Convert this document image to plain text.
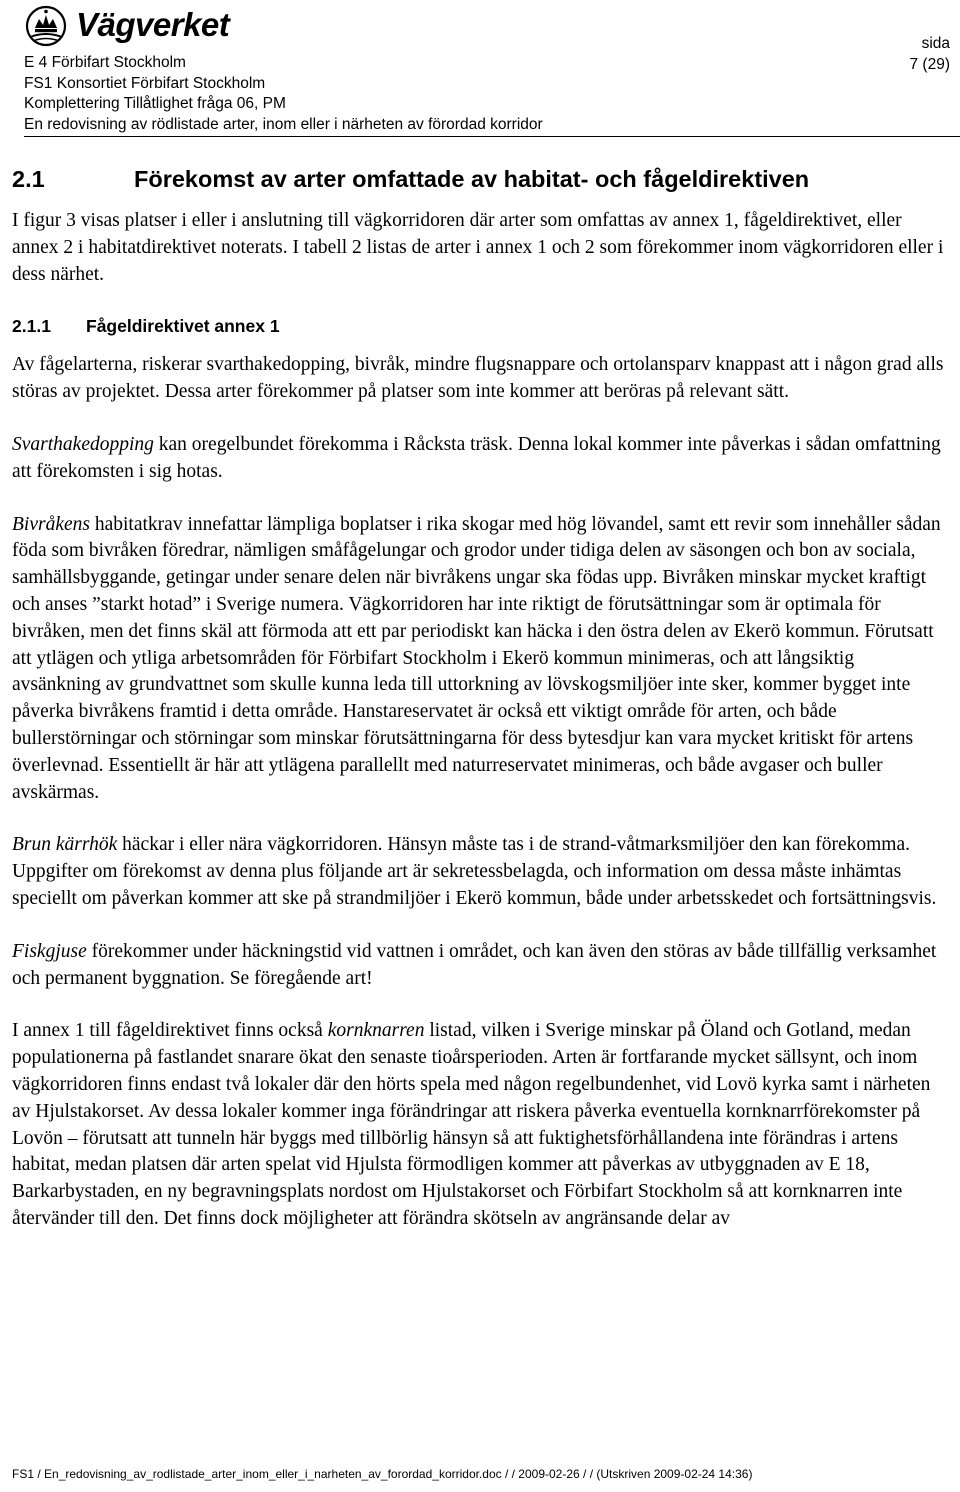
Vägverket
E 4 Förbifart Stockholm
FS1 Konsortiet Förbifart Stockholm
Komplettering Tillåtlighet fråga 06, PM
En redovisning av rödlistade arter, inom eller i närheten av förordad korridor
sida
7 (29)
2.1	Förekomst av arter omfattade av habitat- och fågeldirektiven

I figur 3 visas platser i eller i anslutning till vägkorridoren där arter som omfattas av annex 1, fågeldirektivet, eller annex 2 i habitatdirektivet noterats. I tabell 2 listas de arter i annex 1 och 2 som förekommer inom vägkorridoren eller i dess närhet.

2.1.1	Fågeldirektivet annex 1

Av fågelarterna, riskerar svarthakedopping, bivråk, mindre flugsnappare och ortolansparv knappast att i någon grad alls störas av projektet. Dessa arter förekommer på platser som inte kommer att beröras på relevant sätt.

Svarthakedopping kan oregelbundet förekomma i Råcksta träsk. Denna lokal kommer inte påverkas i sådan omfattning att förekomsten i sig hotas.

Bivråkens habitatkrav innefattar lämpliga boplatser i rika skogar med hög lövandel, samt ett revir som innehåller sådan föda som bivråken föredrar, nämligen småfågelungar och grodor under tidiga delen av säsongen och bon av sociala, samhällsbyggande, getingar under senare delen när bivråkens ungar ska födas upp. Bivråken minskar mycket kraftigt och anses ”starkt hotad” i Sverige numera. Vägkorridoren har inte riktigt de förutsättningar som är optimala för bivråken, men det finns skäl att förmoda att ett par periodiskt kan häcka i den östra delen av Ekerö kommun. Förutsatt att ytlägen och ytliga arbetsområden för Förbifart Stockholm i Ekerö kommun minimeras, och att långsiktig avsänkning av grundvattnet som skulle kunna leda till uttorkning av lövskogsmiljöer inte sker, kommer bygget inte påverka bivråkens framtid i detta område. Hanstareservatet är också ett viktigt område för arten, och både bullerstörningar och störningar som minskar förutsättningarna för dess bytesdjur kan vara mycket kritiskt för artens överlevnad. Essentiellt är här att ytlägena parallellt med naturreservatet minimeras, och både avgaser och buller avskärmas.

Brun kärrhök häckar i eller nära vägkorridoren. Hänsyn måste tas i de strand-våtmarksmiljöer den kan förekomma. Uppgifter om förekomst av denna plus följande art är sekretessbelagda, och information om dessa måste inhämtas speciellt om påverkan kommer att ske på strandmiljöer i Ekerö kommun, både under arbetsskedet och fortsättningsvis.

Fiskgjuse förekommer under häckningstid vid vattnen i området, och kan även den störas av både tillfällig verksamhet och permanent byggnation. Se föregående art!

I annex 1 till fågeldirektivet finns också kornknarren listad, vilken i Sverige minskar på Öland och Gotland, medan populationerna på fastlandet snarare ökat den senaste tioårsperioden. Arten är fortfarande mycket sällsynt, och inom vägkorridoren finns endast två lokaler där den hörts spela med någon regelbundenhet, vid Lovö kyrka samt i närheten av Hjulstakorset. Av dessa lokaler kommer inga förändringar att riskera påverka eventuella kornknarrförekomster på Lovön – förutsatt att tunneln här byggs med tillbörlig hänsyn så att fuktighetsförhållandena inte förändras i artens habitat, medan platsen där arten spelat vid Hjulsta förmodligen kommer att påverkas av utbyggnaden av E 18, Barkarbystaden, en ny begravningsplats nordost om Hjulstakorset och Förbifart Stockholm så att kornknarren inte återvänder till den. Det finns dock möjligheter att förändra skötseln av angränsande delar av

FS1 / En_redovisning_av_rodlistade_arter_inom_eller_i_narheten_av_forordad_korridor.doc / / 2009-02-26 / / (Utskriven 2009-02-24 14:36)
